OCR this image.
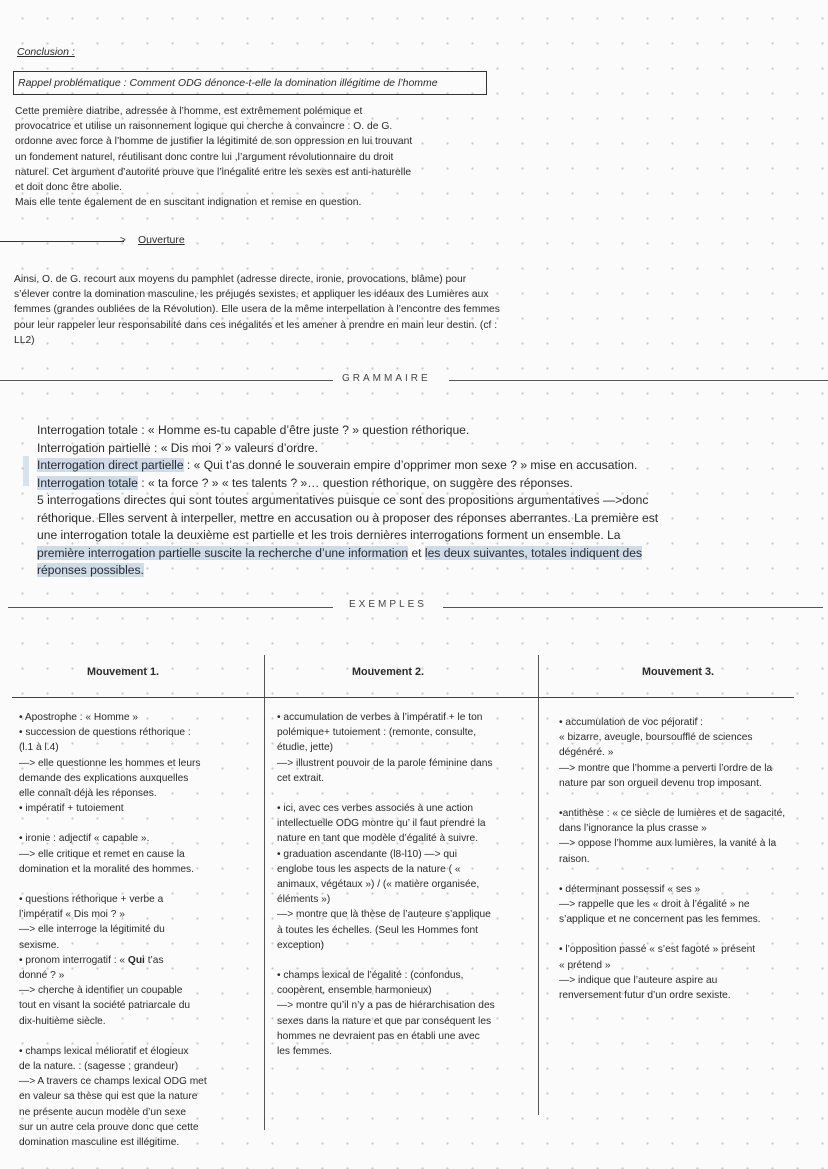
Conclusion :
Rappel problématique : Comment ODG dénonce-t-elle la domination illégitime de l’homme
Cette première diatribe, adressée à l’homme, est extrêmement polémique et
provocatrice et utilise un raisonnement logique qui cherche à convaincre : O. de G.
ordonne avec force à l’homme de justifier la légitimité de son oppression en lui trouvant
un fondement naturel, réutilisant donc contre lui ,l’argument révolutionnaire du droit
naturel. Cet argument d’autorité prouve que l’inégalité entre les sexes est anti-naturelle
et doit donc être abolie.
Mais elle tente également de en suscitant indignation et remise en question.
> Ouverture
Ainsi, O. de G. recourt aux moyens du pamphlet (adresse directe, ironie, provocations, blâme) pour
s’élever contre la domination masculine, les préjugés sexistes, et appliquer les idéaux des Lumières aux
femmes (grandes oubliées de la Révolution). Elle usera de la même interpellation à l’encontre des femmes
pour leur rappeler leur responsabilité dans ces inégalités et les amener à prendre en main leur destin. (cf :
LL2)
GRAMMAIRE
Interrogation totale : « Homme es-tu capable d’être juste ? » question réthorique.
Interrogation partielle : « Dis moi ? » valeurs d’ordre.
Interrogation direct partielle : « Qui t’as donné le souverain empire d’opprimer mon sexe ? » mise en accusation.
Interrogation totale : « ta force ? » « tes talents ? »… question réthorique, on suggère des réponses.
5 interrogations directes qui sont toutes argumentatives puisque ce sont des propositions argumentatives —>donc
réthorique. Elles servent à interpeller, mettre en accusation ou à proposer des réponses aberrantes. La première est
une interrogation totale la deuxième est partielle et les trois dernières interrogations forment un ensemble. La
première interrogation partielle suscite la recherche d’une information et les deux suivantes, totales indiquent des
réponses possibles.
EXEMPLES
Mouvement 1.	Mouvement 2.	Mouvement 3.

• Apostrophe : « Homme »
• succession de questions réthorique :
(l.1 à l.4)
—> elle questionne les hommes et leurs
demande des explications auxquelles
elle connaît déjà les réponses.
• impératif + tutoiement

• ironie : adjectif « capable ».
—> elle critique et remet en cause la
domination et la moralité des hommes.

• questions réthorique + verbe a
l’impératif « Dis moi ? »
—> elle interroge la légitimité du
sexisme.
• pronom interrogatif : « Qui t’as
donné ? »
—> cherche à identifier un coupable
tout en visant la société patriarcale du
dix-huitième siècle.

• champs lexical mélioratif et élogieux
de la nature. : (sagesse ; grandeur)
—> A travers ce champs lexical ODG met
en valeur sa thèse qui est que la nature
ne présente aucun modèle d’un sexe
sur un autre cela prouve donc que cette
domination masculine est illégitime.

• accumulation de verbes à l’impératif + le ton
polémique+ tutoiement : (remonte, consulte,
étudie, jette)
—> illustrent pouvoir de la parole féminine dans
cet extrait.

• ici, avec ces verbes associés à une action
intellectuelle ODG montre qu’ il faut prendre la
nature en tant que modèle d’égalité à suivre.
• graduation ascendante (l8-l10) —> qui
englobe tous les aspects de la nature ( «
animaux, végétaux ») / (« matière organisée,
éléments »)
—> montre que là thèse de l’auteure s’applique
à toutes les échelles. (Seul les Hommes font
exception)

• champs lexical de l’égalité : (confondus,
coopèrent, ensemble harmonieux)
—> montre qu’il n’y a pas de hiérarchisation des
sexes dans la nature et que par conséquent les
hommes ne devraient pas en établi une avec
les femmes.

• accumulation de voc péjoratif :
« bizarre, aveugle, boursoufflé de sciences
dégénéré. »
—> montre que l’homme a perverti l’ordre de la
nature par son orgueil devenu trop imposant.

•antithèse : « ce siècle de lumières et de sagacité,
dans l’ignorance la plus crasse »
—> oppose l’homme aux lumières, la vanité à la
raison.

• déterminant possessif « ses »
—> rappelle que les « droit à l’égalité » ne
s’applique et ne concernent pas les femmes.

• l’opposition passé « s’est fagoté » présent
« prétend »
—> indique que l’auteure aspire au
renversement futur d’un ordre sexiste.
